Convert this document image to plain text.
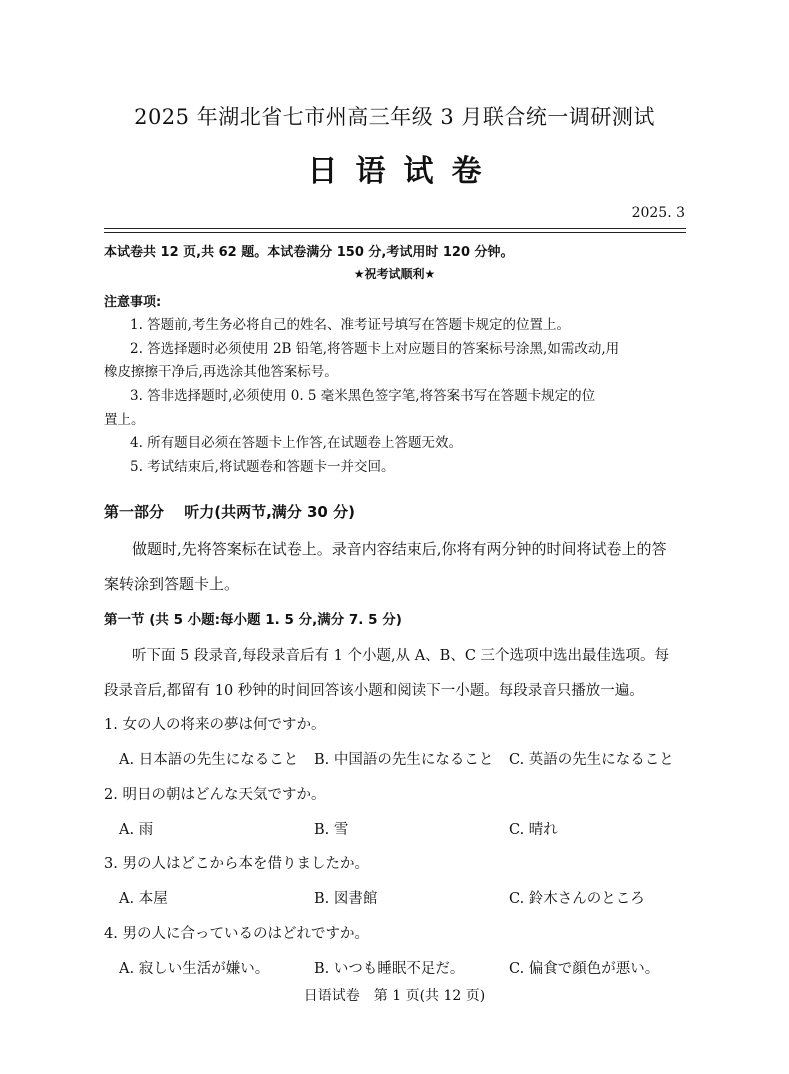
2025 年湖北省七市州高三年级 3 月联合统一调研测试
日语试卷
2025. 3
本试卷共 12 页,共 62 题。本试卷满分 150 分,考试用时 120 分钟。
★祝考试顺利★
注意事项:
1. 答题前,考生务必将自己的姓名、准考证号填写在答题卡规定的位置上。
2. 答选择题时必须使用 2B 铅笔,将答题卡上对应题目的答案标号涂黑,如需改动,用
橡皮擦擦干净后,再选涂其他答案标号。
3. 答非选择题时,必须使用 0. 5 毫米黑色签字笔,将答案书写在答题卡规定的位
置上。
4. 所有题目必须在答题卡上作答,在试题卷上答题无效。
5. 考试结束后,将试题卷和答题卡一并交回。
第一部分　 听力(共两节,满分 30 分)
做题时,先将答案标在试卷上。录音内容结束后,你将有两分钟的时间将试卷上的答
案转涂到答题卡上。
第一节 (共 5 小题:每小题 1. 5 分,满分 7. 5 分)
听下面 5 段录音,每段录音后有 1 个小题,从 A、B、C 三个选项中选出最佳选项。每
段录音后,都留有 10 秒钟的时间回答该小题和阅读下一小题。每段录音只播放一遍。
1. 女の人の将来の夢は何ですか。
A. 日本語の先生になること B. 中国語の先生になること C. 英語の先生になること
2. 明日の朝はどんな天気ですか。
A. 雨	B. 雪	C. 晴れ
3. 男の人はどこから本を借りましたか。
A. 本屋	B. 図書館	C. 鈴木さんのところ
4. 男の人に合っているのはどれですか。
A. 寂しい生活が嫌い。	B. いつも睡眠不足だ。	C. 偏食で顔色が悪い。
日语试卷　第 1 页(共 12 页)
